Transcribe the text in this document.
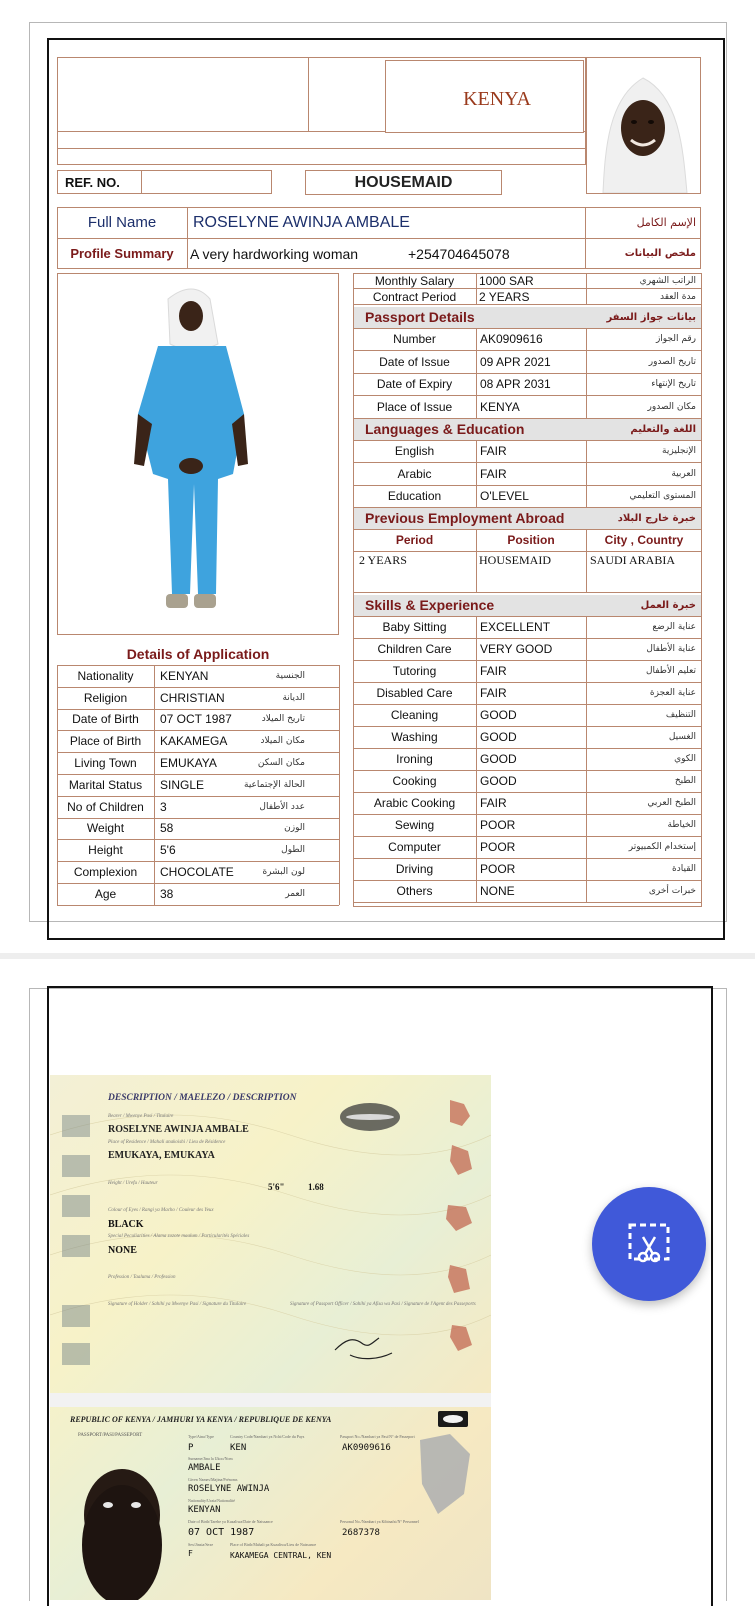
KENYA
REF. NO.	HOUSEMAID
Full Name	ROSELYNE AWINJA AMBALE	الإسم الكامل
Profile Summary	A very hardworking woman	+254704645078	ملخص البيانات
Monthly Salary	1000 SAR	الراتب الشهري
Contract Period	2 YEARS	مدة العقد
Passport Details	بيانات جواز السفر
Number	AK0909616	رقم الجواز
Date of Issue	09 APR 2021	تاريخ الصدور
Date of Expiry	08 APR 2031	تاريخ الإنتهاء
Place of Issue	KENYA	مكان الصدور
Languages & Education	اللغة والتعليم
English	FAIR	الإنجليزية
Arabic	FAIR	العربية
Education	O'LEVEL	المستوى التعليمي
Previous Employment Abroad	خبرة خارج البلاد
Period	Position	City , Country
2 YEARS	HOUSEMAID	SAUDI ARABIA
Skills & Experience	خبرة العمل
Baby Sitting	EXCELLENT	عناية الرضع
Children Care	VERY GOOD	عناية الأطفال
Tutoring	FAIR	تعليم الأطفال
Disabled Care	FAIR	عناية العجزة
Cleaning	GOOD	التنظيف
Washing	GOOD	الغسيل
Ironing	GOOD	الكوي
Cooking	GOOD	الطبخ
Arabic Cooking	FAIR	الطبخ العربي
Sewing	POOR	الخياطة
Computer	POOR	إستخدام الكمبيوتر
Driving	POOR	القيادة
Others	NONE	خبرات أخرى
Details of Application
Nationality	KENYAN	الجنسية
Religion	CHRISTIAN	الديانة
Date of Birth	07 OCT 1987	تاريخ الميلاد
Place of Birth	KAKAMEGA	مكان الميلاد
Living Town	EMUKAYA	مكان السكن
Marital Status	SINGLE	الحالة الإجتماعية
No of Children	3	عدد الأطفال
Weight	58	الوزن
Height	5'6	الطول
Complexion	CHOCOLATE	لون البشرة
Age	38	العمر
DESCRIPTION / MAELEZO / DESCRIPTION
Bearer / Mwenye Pasi / Titulaire
ROSELYNE AWINJA AMBALE
Place of Residence / Mahali anakoishi / Lieu de Résidence
EMUKAYA, EMUKAYA
Height / Urefu / Hauteur	5'6"	1.68
Colour of Eyes / Rangi ya Macho / Couleur des Yeux
BLACK
Special Peculiarities / Alama zozote maalum / Particularités Spéciales
NONE
Profession / Taaluma / Profession
Signature of Holder / Sahihi ya Mwenye Pasi / Signature du Titulaire	Signature of Passport Officer / Sahihi ya Afisa wa Pasi / Signature de l'Agent des Passeports
REPUBLIC OF KENYA / JAMHURI YA KENYA / REPUBLIQUE DE KENYA
PASSPORT/PASI/PASSEPORT	Type/Aina/Type	Country Code/Nambari ya Nchi/Code du Pays	Passport No./Nambari ya Pasi/N° de Passeport
P	KEN	AK0909616
Surname/Jina la Ukoo/Nom
AMBALE
Given Names/Majina/Prénoms
ROSELYNE AWINJA
Nationality/Uraia/Nationalité
KENYAN
Date of Birth/Tarehe ya Kuzaliwa/Date de Naissance	Personal No./Nambari ya Kibinafsi/N° Personnel
07 OCT 1987	2687378
Sex/Jinsia/Sexe	Place of Birth/Mahali pa Kuzaliwa/Lieu de Naissance
F	KAKAMEGA CENTRAL, KEN
